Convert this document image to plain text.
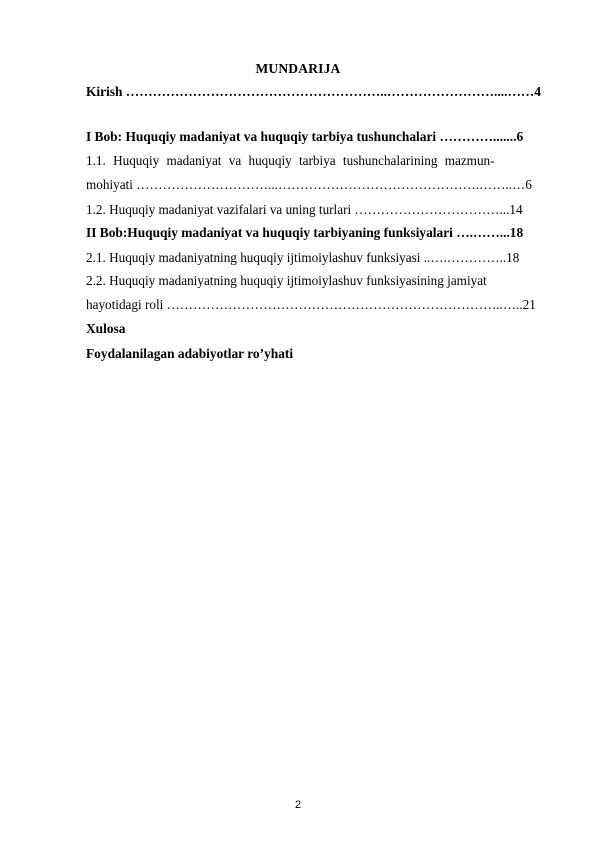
MUNDARIJA
Kirish …………………………………………………..……………………....……4
I Bob: Huquqiy madaniyat va huquqiy tarbiya tushunchalari ………….......6
1.1. Huquqiy madaniyat va huquqiy tarbiya tushunchalarining mazmun-
mohiyati …………………………...……………………………………….……..…6
1.2. Huquqiy madaniyat vazifalari va uning turlari ……………………………...14
II Bob:Huquqiy madaniyat va huquqiy tarbiyaning funksiyalari ….……...18
2.1. Huquqiy madaniyatning huquqiy ijtimoiylashuv funksiyasi ..….…………..18
2.2. Huquqiy madaniyatning huquqiy ijtimoiylashuv funksiyasining jamiyat
hayotidagi roli …………………………………………………………………..…..21
Xulosa
Foydalanilagan adabiyotlar ro’yhati
2
